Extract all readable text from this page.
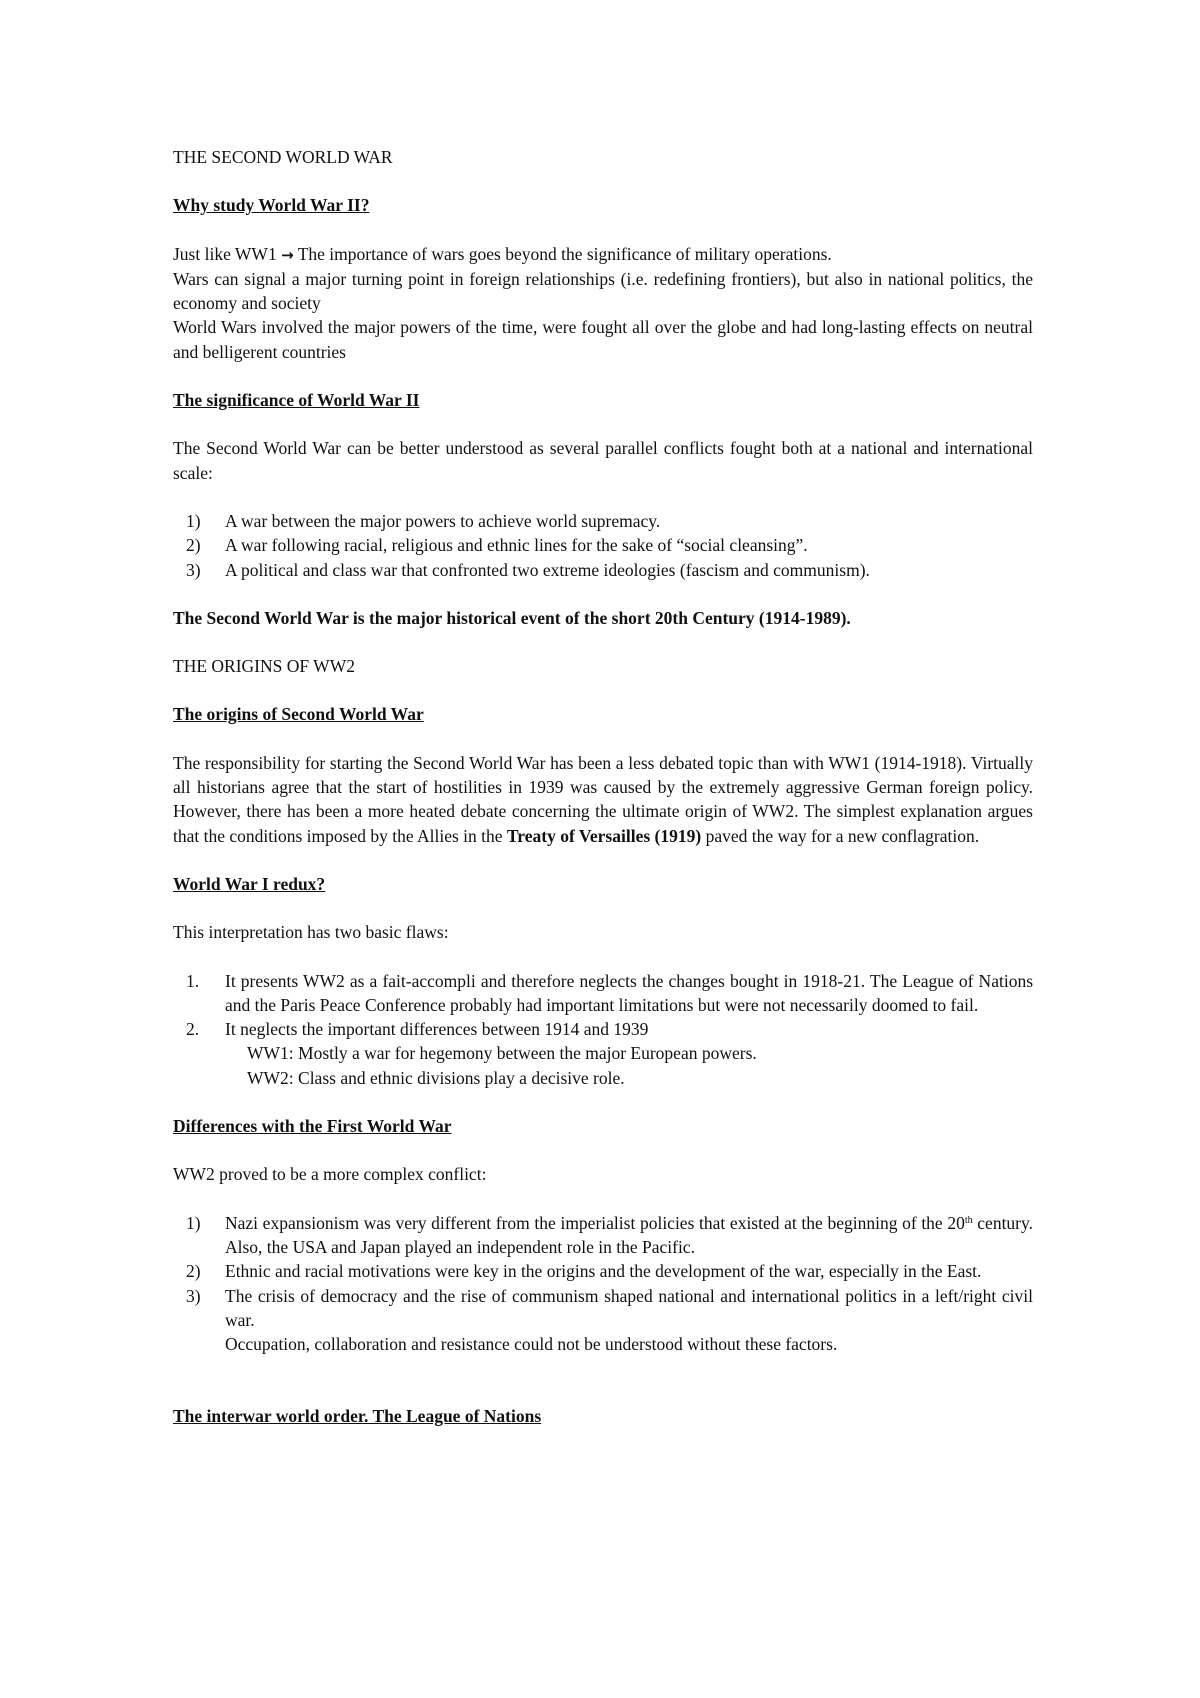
THE SECOND WORLD WAR

Why study World War II?

Just like WW1 → The importance of wars goes beyond the significance of military operations.

Wars can signal a major turning point in foreign relationships (i.e. redefining frontiers), but also in national politics, the economy and society

World Wars involved the major powers of the time, were fought all over the globe and had long-lasting effects on neutral and belligerent countries

The significance of World War II

The Second World War can be better understood as several parallel conflicts fought both at a national and international scale:

1) A war between the major powers to achieve world supremacy.
2) A war following racial, religious and ethnic lines for the sake of “social cleansing”.
3) A political and class war that confronted two extreme ideologies (fascism and communism).

The Second World War is the major historical event of the short 20th Century (1914-1989).

THE ORIGINS OF WW2

The origins of Second World War

The responsibility for starting the Second World War has been a less debated topic than with WW1 (1914-1918). Virtually all historians agree that the start of hostilities in 1939 was caused by the extremely aggressive German foreign policy. However, there has been a more heated debate concerning the ultimate origin of WW2. The simplest explanation argues that the conditions imposed by the Allies in the Treaty of Versailles (1919) paved the way for a new conflagration.

World War I redux?

This interpretation has two basic flaws:

1. It presents WW2 as a fait-accompli and therefore neglects the changes bought in 1918-21. The League of Nations and the Paris Peace Conference probably had important limitations but were not necessarily doomed to fail.
2. It neglects the important differences between 1914 and 1939
WW1: Mostly a war for hegemony between the major European powers.
WW2: Class and ethnic divisions play a decisive role.

Differences with the First World War

WW2 proved to be a more complex conflict:

1) Nazi expansionism was very different from the imperialist policies that existed at the beginning of the 20th century. Also, the USA and Japan played an independent role in the Pacific.
2) Ethnic and racial motivations were key in the origins and the development of the war, especially in the East.
3) The crisis of democracy and the rise of communism shaped national and international politics in a left/right civil war.
Occupation, collaboration and resistance could not be understood without these factors.

The interwar world order. The League of Nations
